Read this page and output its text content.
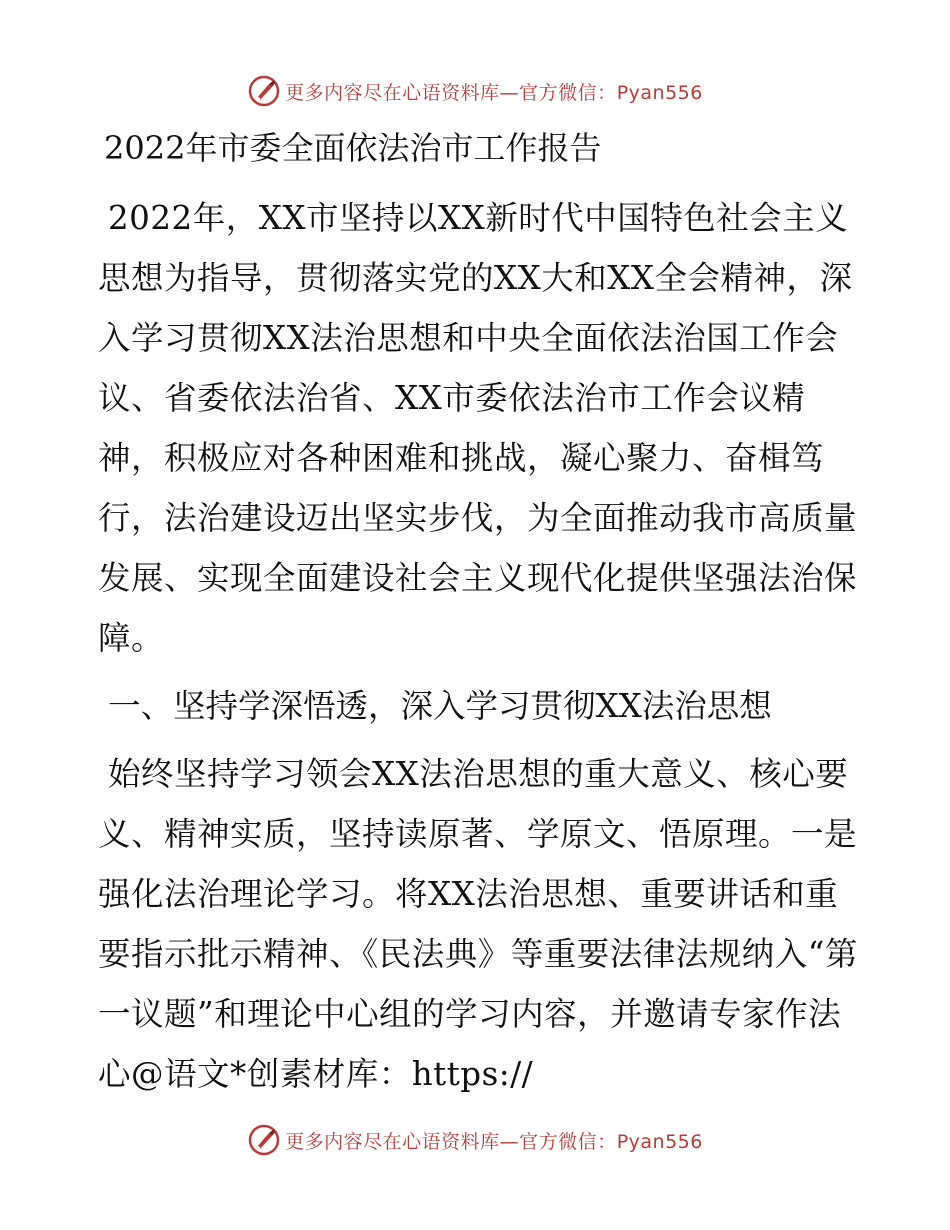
更多内容尽在心语资料库—官方微信：Pyan556
2022年市委全面依法治市工作报告

2022年，XX市坚持以XX新时代中国特色社会主义思想为指导，贯彻落实党的XX大和XX全会精神，深入学习贯彻XX法治思想和中央全面依法治国工作会议、省委依法治省、XX市委依法治市工作会议精神，积极应对各种困难和挑战，凝心聚力、奋楫笃行，法治建设迈出坚实步伐，为全面推动我市高质量发展、实现全面建设社会主义现代化提供坚强法治保障。

一、坚持学深悟透，深入学习贯彻XX法治思想

始终坚持学习领会XX法治思想的重大意义、核心要义、精神实质，坚持读原著、学原文、悟原理。一是强化法治理论学习。将XX法治思想、重要讲话和重要指示批示精神、《民法典》等重要法律法规纳入“第一议题”和理论中心组的学习内容，并邀请专家作法心@语文*创素材库：https://

更多内容尽在心语资料库—官方微信：Pyan556
